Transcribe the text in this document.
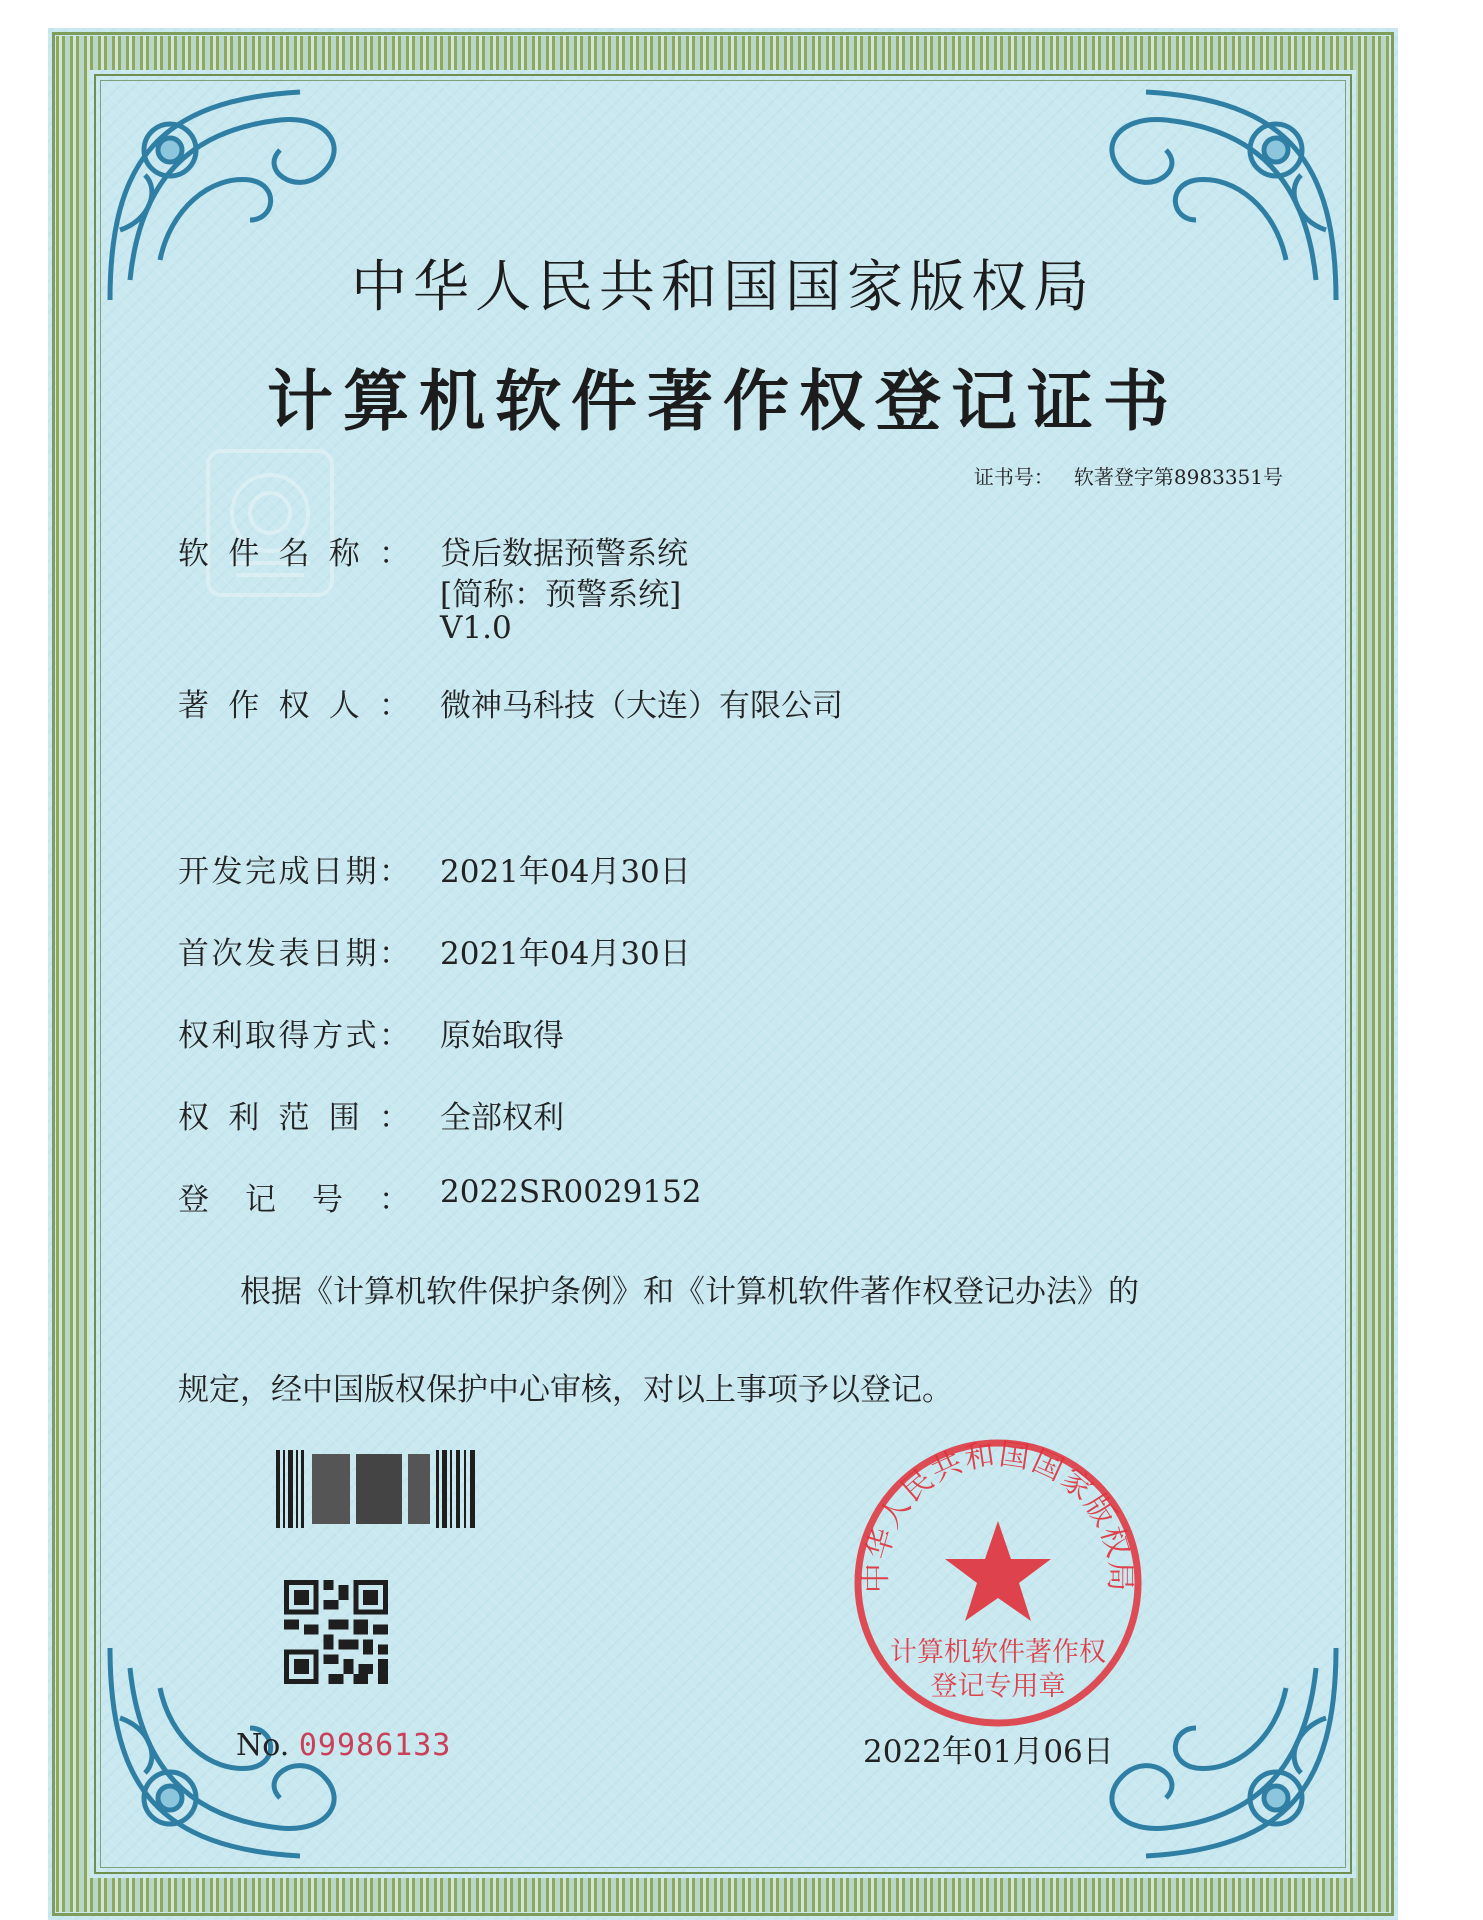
中华人民共和国国家版权局
计算机软件著作权登记证书
证书号： 软著登字第8983351号
软件名称： 贷后数据预警系统
[简称：预警系统]
V1.0
著作权人： 微神马科技（大连）有限公司
开发完成日期： 2021年04月30日
首次发表日期： 2021年04月30日
权利取得方式： 原始取得
权利范围： 全部权利
登记号： 2022SR0029152
根据《计算机软件保护条例》和《计算机软件著作权登记办法》的
规定，经中国版权保护中心审核，对以上事项予以登记。
No. 09986133
中华人民共和国国家版权局
计算机软件著作权
登记专用章
2022年01月06日
